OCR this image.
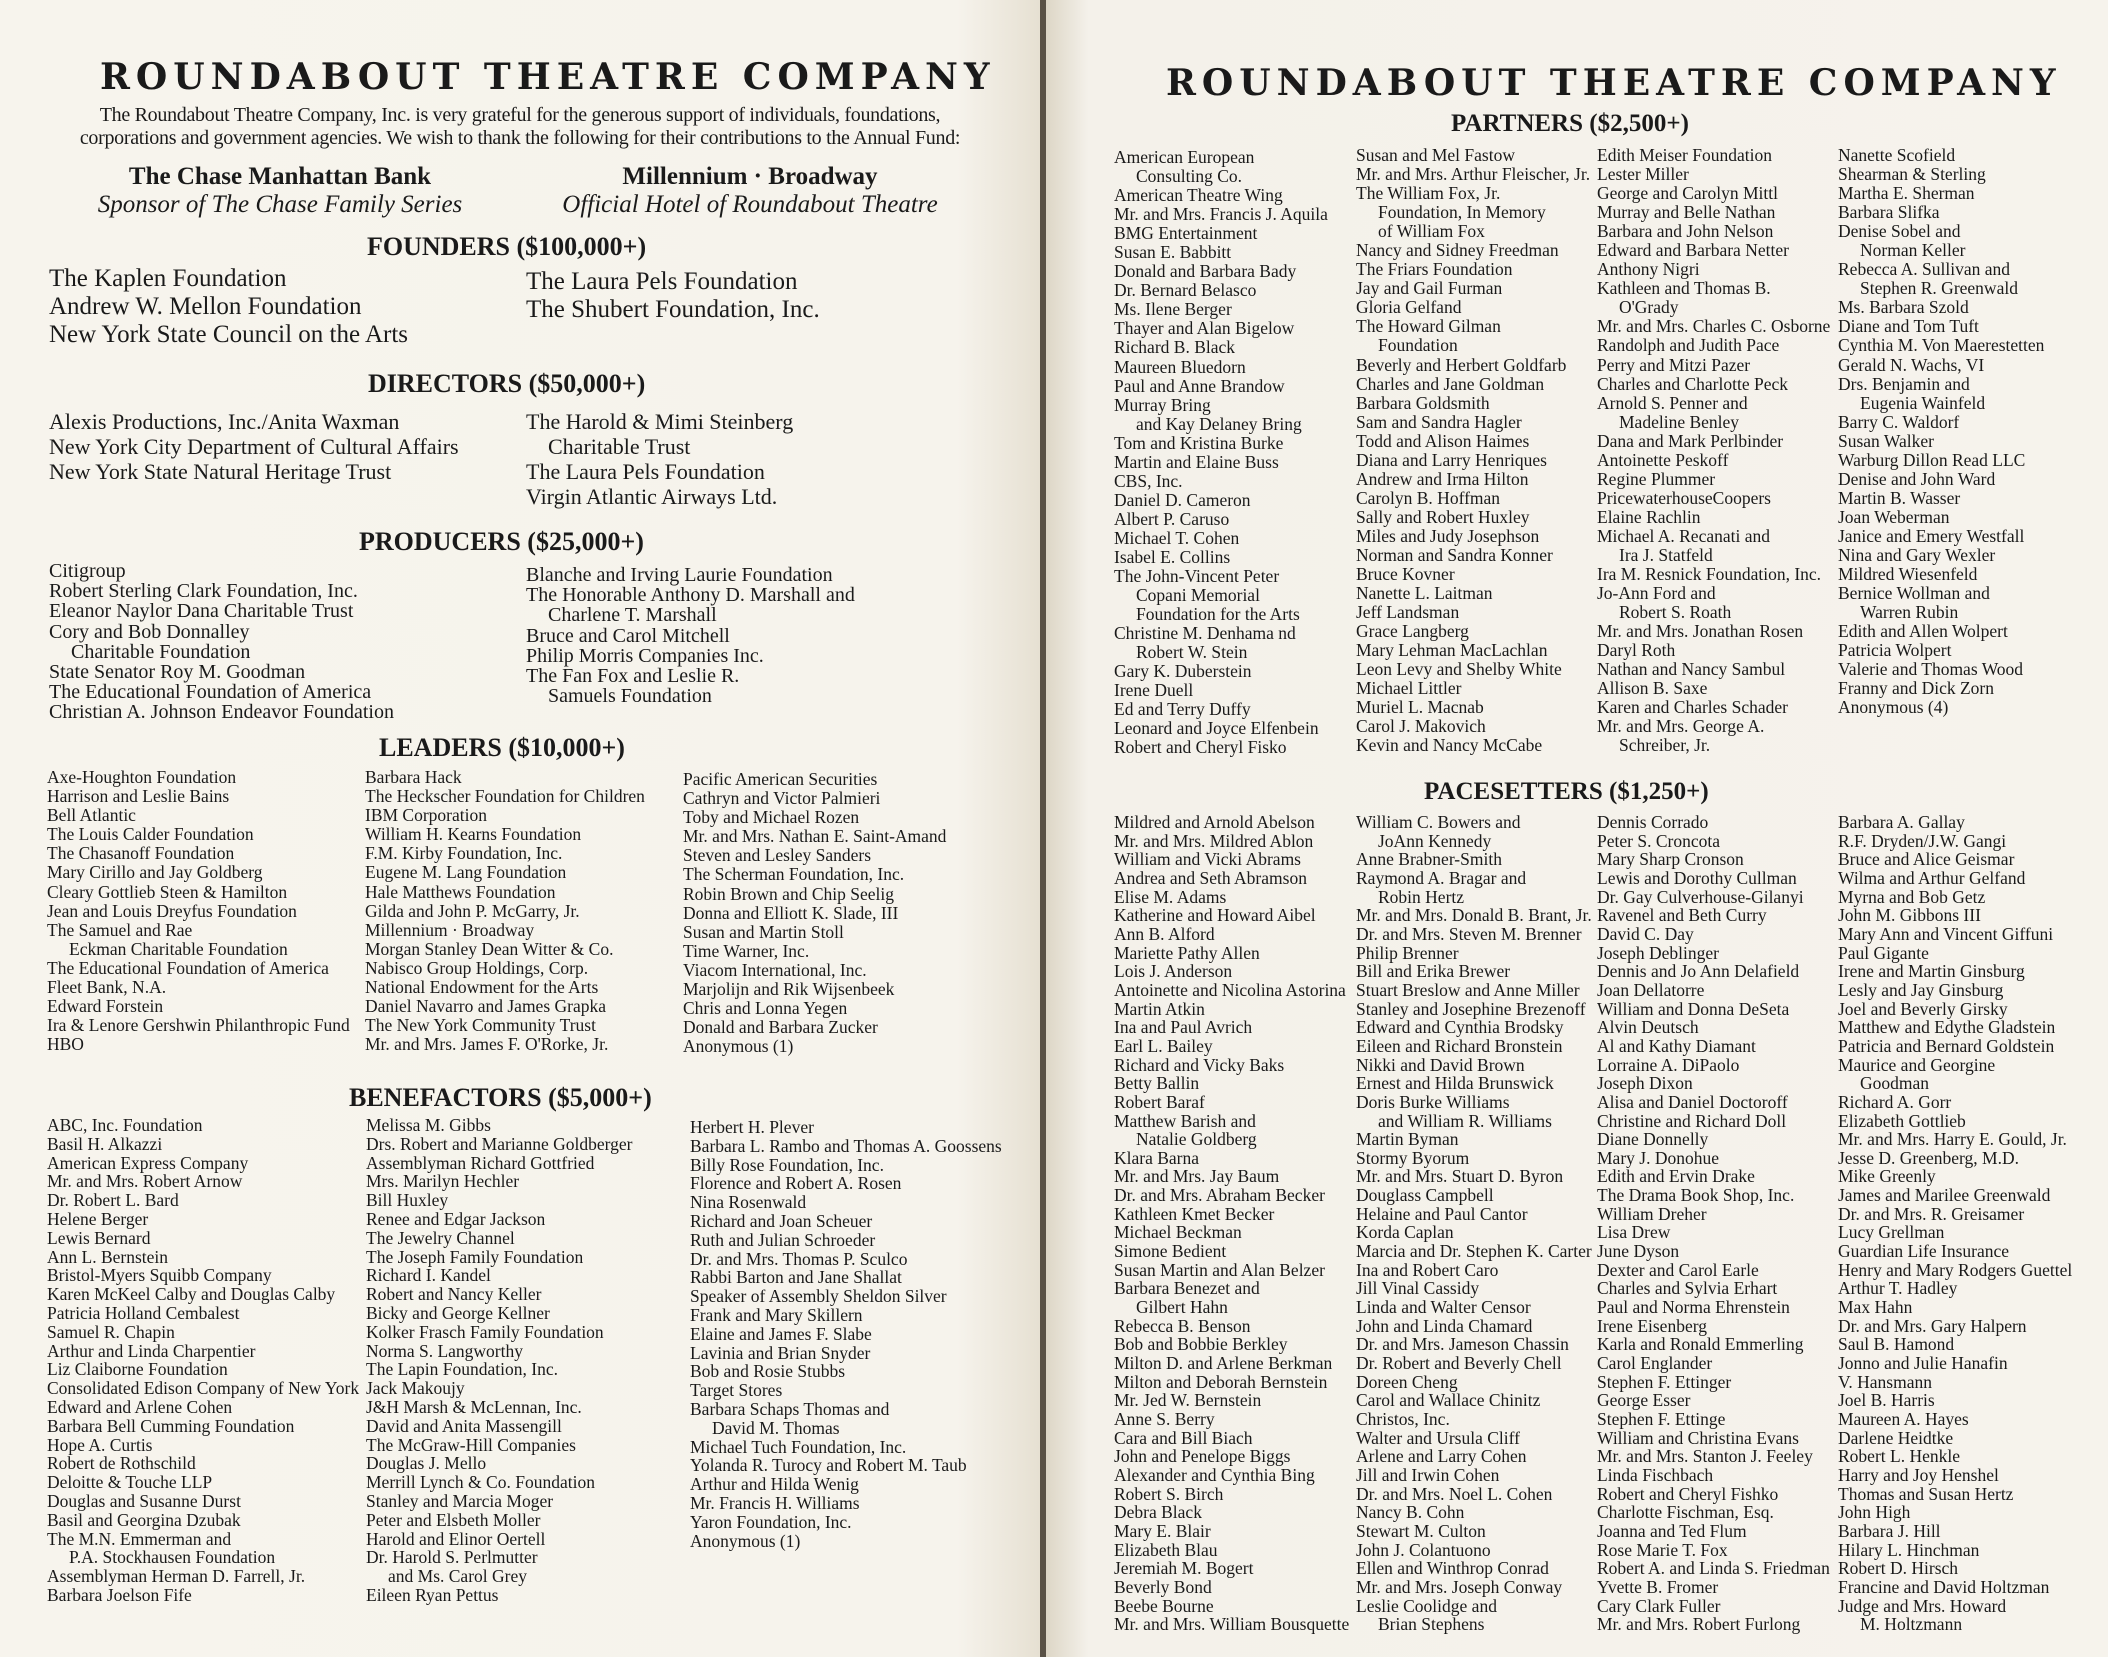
ROUNDABOUT THEATRE COMPANY
The Roundabout Theatre Company, Inc. is very grateful for the generous support of individuals, foundations,
corporations and government agencies. We wish to thank the following for their contributions to the Annual Fund:
The Chase Manhattan Bank
Sponsor of The Chase Family Series
Millennium · Broadway
Official Hotel of Roundabout Theatre
FOUNDERS ($100,000+)
The Kaplen Foundation
Andrew W. Mellon Foundation
New York State Council on the Arts
The Laura Pels Foundation
The Shubert Foundation, Inc.
DIRECTORS ($50,000+)
Alexis Productions, Inc./Anita Waxman
New York City Department of Cultural Affairs
New York State Natural Heritage Trust
The Harold & Mimi Steinberg
Charitable Trust
The Laura Pels Foundation
Virgin Atlantic Airways Ltd.
PRODUCERS ($25,000+)
Citigroup
Robert Sterling Clark Foundation, Inc.
Eleanor Naylor Dana Charitable Trust
Cory and Bob Donnalley
Charitable Foundation
State Senator Roy M. Goodman
The Educational Foundation of America
Christian A. Johnson Endeavor Foundation
Blanche and Irving Laurie Foundation
The Honorable Anthony D. Marshall and
Charlene T. Marshall
Bruce and Carol Mitchell
Philip Morris Companies Inc.
The Fan Fox and Leslie R.
Samuels Foundation
LEADERS ($10,000+)
Axe-Houghton Foundation
Harrison and Leslie Bains
Bell Atlantic
The Louis Calder Foundation
The Chasanoff Foundation
Mary Cirillo and Jay Goldberg
Cleary Gottlieb Steen & Hamilton
Jean and Louis Dreyfus Foundation
The Samuel and Rae
Eckman Charitable Foundation
The Educational Foundation of America
Fleet Bank, N.A.
Edward Forstein
Ira & Lenore Gershwin Philanthropic Fund
HBO
Barbara Hack
The Heckscher Foundation for Children
IBM Corporation
William H. Kearns Foundation
F.M. Kirby Foundation, Inc.
Eugene M. Lang Foundation
Hale Matthews Foundation
Gilda and John P. McGarry, Jr.
Millennium · Broadway
Morgan Stanley Dean Witter & Co.
Nabisco Group Holdings, Corp.
National Endowment for the Arts
Daniel Navarro and James Grapka
The New York Community Trust
Mr. and Mrs. James F. O'Rorke, Jr.
Pacific American Securities
Cathryn and Victor Palmieri
Toby and Michael Rozen
Mr. and Mrs. Nathan E. Saint-Amand
Steven and Lesley Sanders
The Scherman Foundation, Inc.
Robin Brown and Chip Seelig
Donna and Elliott K. Slade, III
Susan and Martin Stoll
Time Warner, Inc.
Viacom International, Inc.
Marjolijn and Rik Wijsenbeek
Chris and Lonna Yegen
Donald and Barbara Zucker
Anonymous (1)
BENEFACTORS ($5,000+)
ABC, Inc. Foundation
Basil H. Alkazzi
American Express Company
Mr. and Mrs. Robert Arnow
Dr. Robert L. Bard
Helene Berger
Lewis Bernard
Ann L. Bernstein
Bristol-Myers Squibb Company
Karen McKeel Calby and Douglas Calby
Patricia Holland Cembalest
Samuel R. Chapin
Arthur and Linda Charpentier
Liz Claiborne Foundation
Consolidated Edison Company of New York
Edward and Arlene Cohen
Barbara Bell Cumming Foundation
Hope A. Curtis
Robert de Rothschild
Deloitte & Touche LLP
Douglas and Susanne Durst
Basil and Georgina Dzubak
The M.N. Emmerman and
P.A. Stockhausen Foundation
Assemblyman Herman D. Farrell, Jr.
Barbara Joelson Fife
Melissa M. Gibbs
Drs. Robert and Marianne Goldberger
Assemblyman Richard Gottfried
Mrs. Marilyn Hechler
Bill Huxley
Renee and Edgar Jackson
The Jewelry Channel
The Joseph Family Foundation
Richard I. Kandel
Robert and Nancy Keller
Bicky and George Kellner
Kolker Frasch Family Foundation
Norma S. Langworthy
The Lapin Foundation, Inc.
Jack Makoujy
J&H Marsh & McLennan, Inc.
David and Anita Massengill
The McGraw-Hill Companies
Douglas J. Mello
Merrill Lynch & Co. Foundation
Stanley and Marcia Moger
Peter and Elsbeth Moller
Harold and Elinor Oertell
Dr. Harold S. Perlmutter
and Ms. Carol Grey
Eileen Ryan Pettus
Herbert H. Plever
Barbara L. Rambo and Thomas A. Goossens
Billy Rose Foundation, Inc.
Florence and Robert A. Rosen
Nina Rosenwald
Richard and Joan Scheuer
Ruth and Julian Schroeder
Dr. and Mrs. Thomas P. Sculco
Rabbi Barton and Jane Shallat
Speaker of Assembly Sheldon Silver
Frank and Mary Skillern
Elaine and James F. Slabe
Lavinia and Brian Snyder
Bob and Rosie Stubbs
Target Stores
Barbara Schaps Thomas and
David M. Thomas
Michael Tuch Foundation, Inc.
Yolanda R. Turocy and Robert M. Taub
Arthur and Hilda Wenig
Mr. Francis H. Williams
Yaron Foundation, Inc.
Anonymous (1)
ROUNDABOUT THEATRE COMPANY
PARTNERS ($2,500+)
American European
Consulting Co.
American Theatre Wing
Mr. and Mrs. Francis J. Aquila
BMG Entertainment
Susan E. Babbitt
Donald and Barbara Bady
Dr. Bernard Belasco
Ms. Ilene Berger
Thayer and Alan Bigelow
Richard B. Black
Maureen Bluedorn
Paul and Anne Brandow
Murray Bring
and Kay Delaney Bring
Tom and Kristina Burke
Martin and Elaine Buss
CBS, Inc.
Daniel D. Cameron
Albert P. Caruso
Michael T. Cohen
Isabel E. Collins
The John-Vincent Peter
Copani Memorial
Foundation for the Arts
Christine M. Denhama nd
Robert W. Stein
Gary K. Duberstein
Irene Duell
Ed and Terry Duffy
Leonard and Joyce Elfenbein
Robert and Cheryl Fisko
Susan and Mel Fastow
Mr. and Mrs. Arthur Fleischer, Jr.
The William Fox, Jr.
Foundation, In Memory
of William Fox
Nancy and Sidney Freedman
The Friars Foundation
Jay and Gail Furman
Gloria Gelfand
The Howard Gilman
Foundation
Beverly and Herbert Goldfarb
Charles and Jane Goldman
Barbara Goldsmith
Sam and Sandra Hagler
Todd and Alison Haimes
Diana and Larry Henriques
Andrew and Irma Hilton
Carolyn B. Hoffman
Sally and Robert Huxley
Miles and Judy Josephson
Norman and Sandra Konner
Bruce Kovner
Nanette L. Laitman
Jeff Landsman
Grace Langberg
Mary Lehman MacLachlan
Leon Levy and Shelby White
Michael Littler
Muriel L. Macnab
Carol J. Makovich
Kevin and Nancy McCabe
Edith Meiser Foundation
Lester Miller
George and Carolyn Mittl
Murray and Belle Nathan
Barbara and John Nelson
Edward and Barbara Netter
Anthony Nigri
Kathleen and Thomas B.
O'Grady
Mr. and Mrs. Charles C. Osborne
Randolph and Judith Pace
Perry and Mitzi Pazer
Charles and Charlotte Peck
Arnold S. Penner and
Madeline Benley
Dana and Mark Perlbinder
Antoinette Peskoff
Regine Plummer
PricewaterhouseCoopers
Elaine Rachlin
Michael A. Recanati and
Ira J. Statfeld
Ira M. Resnick Foundation, Inc.
Jo-Ann Ford and
Robert S. Roath
Mr. and Mrs. Jonathan Rosen
Daryl Roth
Nathan and Nancy Sambul
Allison B. Saxe
Karen and Charles Schader
Mr. and Mrs. George A.
Schreiber, Jr.
Nanette Scofield
Shearman & Sterling
Martha E. Sherman
Barbara Slifka
Denise Sobel and
Norman Keller
Rebecca A. Sullivan and
Stephen R. Greenwald
Ms. Barbara Szold
Diane and Tom Tuft
Cynthia M. Von Maerestetten
Gerald N. Wachs, VI
Drs. Benjamin and
Eugenia Wainfeld
Barry C. Waldorf
Susan Walker
Warburg Dillon Read LLC
Denise and John Ward
Martin B. Wasser
Joan Weberman
Janice and Emery Westfall
Nina and Gary Wexler
Mildred Wiesenfeld
Bernice Wollman and
Warren Rubin
Edith and Allen Wolpert
Patricia Wolpert
Valerie and Thomas Wood
Franny and Dick Zorn
Anonymous (4)
PACESETTERS ($1,250+)
Mildred and Arnold Abelson
Mr. and Mrs. Mildred Ablon
William and Vicki Abrams
Andrea and Seth Abramson
Elise M. Adams
Katherine and Howard Aibel
Ann B. Alford
Mariette Pathy Allen
Lois J. Anderson
Antoinette and Nicolina Astorina
Martin Atkin
Ina and Paul Avrich
Earl L. Bailey
Richard and Vicky Baks
Betty Ballin
Robert Baraf
Matthew Barish and
Natalie Goldberg
Klara Barna
Mr. and Mrs. Jay Baum
Dr. and Mrs. Abraham Becker
Kathleen Kmet Becker
Michael Beckman
Simone Bedient
Susan Martin and Alan Belzer
Barbara Benezet and
Gilbert Hahn
Rebecca B. Benson
Bob and Bobbie Berkley
Milton D. and Arlene Berkman
Milton and Deborah Bernstein
Mr. Jed W. Bernstein
Anne S. Berry
Cara and Bill Biach
John and Penelope Biggs
Alexander and Cynthia Bing
Robert S. Birch
Debra Black
Mary E. Blair
Elizabeth Blau
Jeremiah M. Bogert
Beverly Bond
Beebe Bourne
Mr. and Mrs. William Bousquette
William C. Bowers and
JoAnn Kennedy
Anne Brabner-Smith
Raymond A. Bragar and
Robin Hertz
Mr. and Mrs. Donald B. Brant, Jr.
Dr. and Mrs. Steven M. Brenner
Philip Brenner
Bill and Erika Brewer
Stuart Breslow and Anne Miller
Stanley and Josephine Brezenoff
Edward and Cynthia Brodsky
Eileen and Richard Bronstein
Nikki and David Brown
Ernest and Hilda Brunswick
Doris Burke Williams
and William R. Williams
Martin Byman
Stormy Byorum
Mr. and Mrs. Stuart D. Byron
Douglass Campbell
Helaine and Paul Cantor
Korda Caplan
Marcia and Dr. Stephen K. Carter
Ina and Robert Caro
Jill Vinal Cassidy
Linda and Walter Censor
John and Linda Chamard
Dr. and Mrs. Jameson Chassin
Dr. Robert and Beverly Chell
Doreen Cheng
Carol and Wallace Chinitz
Christos, Inc.
Walter and Ursula Cliff
Arlene and Larry Cohen
Jill and Irwin Cohen
Dr. and Mrs. Noel L. Cohen
Nancy B. Cohn
Stewart M. Culton
John J. Colantuono
Ellen and Winthrop Conrad
Mr. and Mrs. Joseph Conway
Leslie Coolidge and
Brian Stephens
Dennis Corrado
Peter S. Croncota
Mary Sharp Cronson
Lewis and Dorothy Cullman
Dr. Gay Culverhouse-Gilanyi
Ravenel and Beth Curry
David C. Day
Joseph Deblinger
Dennis and Jo Ann Delafield
Joan Dellatorre
William and Donna DeSeta
Alvin Deutsch
Al and Kathy Diamant
Lorraine A. DiPaolo
Joseph Dixon
Alisa and Daniel Doctoroff
Christine and Richard Doll
Diane Donnelly
Mary J. Donohue
Edith and Ervin Drake
The Drama Book Shop, Inc.
William Dreher
Lisa Drew
June Dyson
Dexter and Carol Earle
Charles and Sylvia Erhart
Paul and Norma Ehrenstein
Irene Eisenberg
Karla and Ronald Emmerling
Carol Englander
Stephen F. Ettinger
George Esser
Stephen F. Ettinge
William and Christina Evans
Mr. and Mrs. Stanton J. Feeley
Linda Fischbach
Robert and Cheryl Fishko
Charlotte Fischman, Esq.
Joanna and Ted Flum
Rose Marie T. Fox
Robert A. and Linda S. Friedman
Yvette B. Fromer
Cary Clark Fuller
Mr. and Mrs. Robert Furlong
Barbara A. Gallay
R.F. Dryden/J.W. Gangi
Bruce and Alice Geismar
Wilma and Arthur Gelfand
Myrna and Bob Getz
John M. Gibbons III
Mary Ann and Vincent Giffuni
Paul Gigante
Irene and Martin Ginsburg
Lesly and Jay Ginsburg
Joel and Beverly Girsky
Matthew and Edythe Gladstein
Patricia and Bernard Goldstein
Maurice and Georgine
Goodman
Richard A. Gorr
Elizabeth Gottlieb
Mr. and Mrs. Harry E. Gould, Jr.
Jesse D. Greenberg, M.D.
Mike Greenly
James and Marilee Greenwald
Dr. and Mrs. R. Greisamer
Lucy Grellman
Guardian Life Insurance
Henry and Mary Rodgers Guettel
Arthur T. Hadley
Max Hahn
Dr. and Mrs. Gary Halpern
Saul B. Hamond
Jonno and Julie Hanafin
V. Hansmann
Joel B. Harris
Maureen A. Hayes
Darlene Heidtke
Robert L. Henkle
Harry and Joy Henshel
Thomas and Susan Hertz
John High
Barbara J. Hill
Hilary L. Hinchman
Robert D. Hirsch
Francine and David Holtzman
Judge and Mrs. Howard
M. Holtzmann
